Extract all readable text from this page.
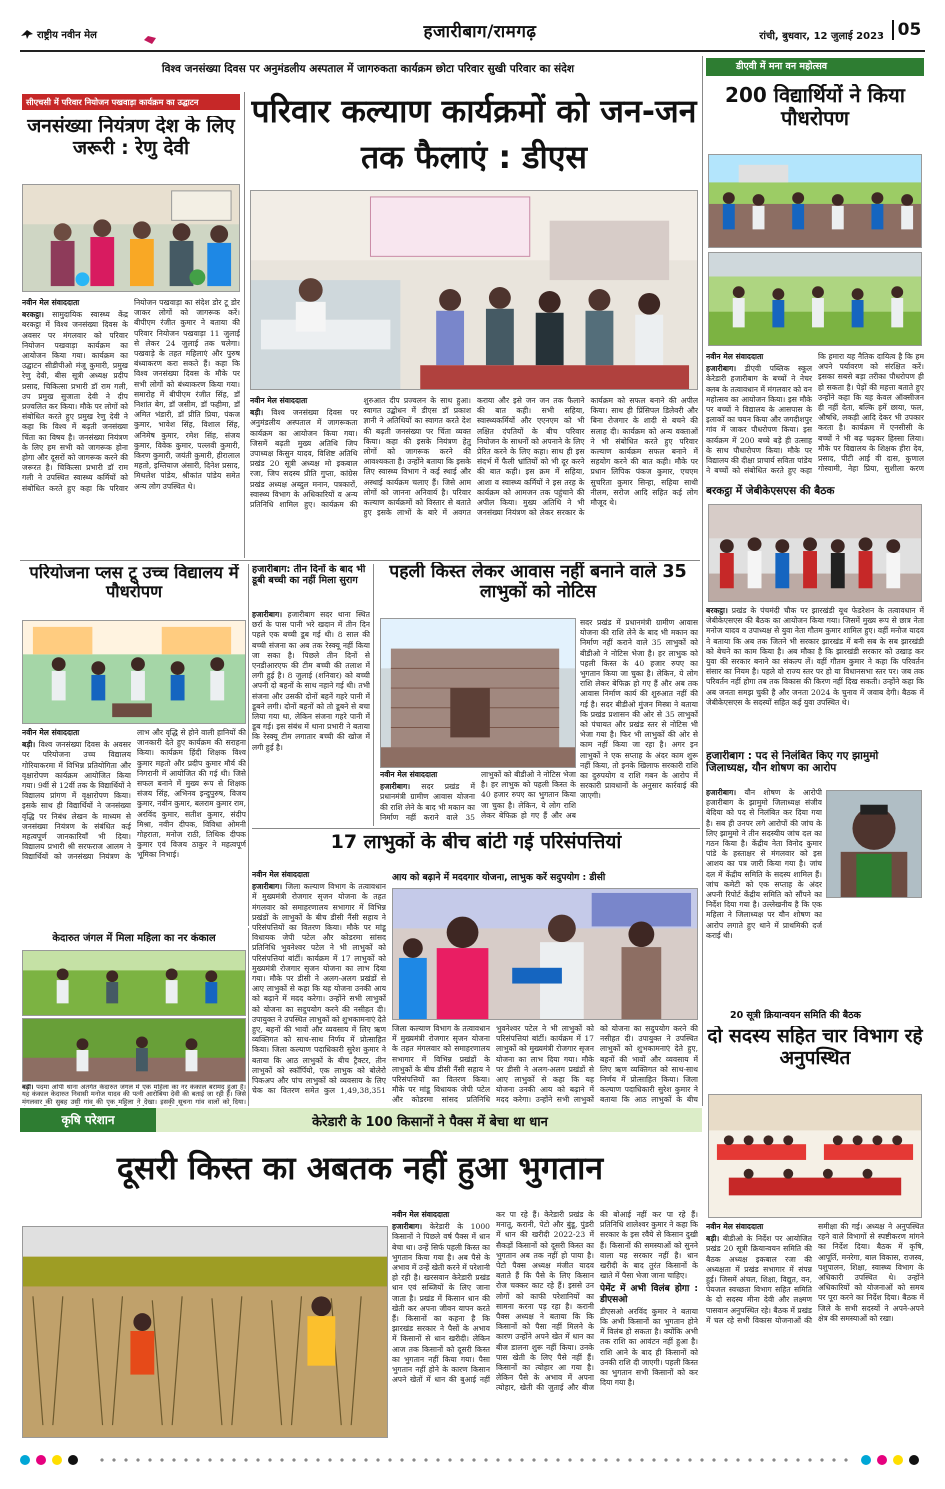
राष्ट्रीय नवीन मेल	हजारीबाग/रामगढ़	रांची, बुधवार, 12 जुलाई 2023 05
विश्व जनसंख्या दिवस पर अनुमंडलीय अस्पताल में जागरुकता कार्यक्रम छोटा परिवार सुखी परिवार का संदेश
सीएचसी में परिवार नियोजन पखवाड़ा कार्यक्रम का उद्घाटन
जनसंख्या नियंत्रण देश के लिए जरूरी : रेणु देवी
नवीन मेल संवाददाता
बरकट्ठा। सामुदायिक स्वास्थ्य केंद्र बरकट्ठा में विश्व जनसंख्या दिवस के अवसर पर मंगलवार को परिवार नियोजन पखवाड़ा कार्यक्रम का आयोजन किया गया। कार्यक्रम का उद्घाटन सीडीपीओ मंजू कुमारी, प्रमुख रेणु देवी, बीस सूत्री अध्यक्ष प्रदीप प्रसाद, चिकित्सा प्रभारी डॉ राम गली, उप प्रमुख सुजाता देवी ने दीप प्रज्वलित कर किया। मौके पर लोगों को संबोधित करते हुए प्रमुख रेणु देवी ने कहा कि विश्व में बढ़ती जनसंख्या चिंता का विषय है। जनसंख्या नियंत्रण के लिए हम सभी को जागरूक होना होगा और दूसरों को जागरूक करने की जरूरत है। चिकित्सा प्रभारी डॉ राम गली ने उपस्थित स्वास्थ्य कर्मियों को संबोधित करते हुए कहा कि परिवार नियोजन पखवाड़ा का संदेश डोर टू डोर जाकर लोगों को जागरूक करें। बीपीएम रंजीत कुमार ने बताया की परिवार नियोजन पखवाड़ा 11 जुलाई से लेकर 24 जुलाई तक चलेगा। पखवाड़े के तहत महिलाएं और पुरुष बंध्याकरण करा सकते हैं। कहा कि विश्व जनसंख्या दिवस के मौके पर सभी लोगों को बंध्याकरण किया गया। समारोह में बीपीएम रंजीत सिंह, डॉ निशांत बेग, डॉ जसीम, डॉ फहीमा, डॉ अमित भंडारी, डॉ प्रीति प्रिया, पंकज कुमार, भावेश सिंह, विशाल सिंह, अनिमेष कुमार, रमेश सिंह, संजय कुमार, विवेक कुमार, पल्लवी कुमारी, किरण कुमारी, जयंती कुमारी, हीरालाल महतो, इम्तियाज अंसारी, दिनेश प्रसाद, मिथलेश पांडेय, श्रीकांत पांडेय समेत अन्य लोग उपस्थित थे।
परिवार कल्याण कार्यक्रमों को जन-जन तक फैलाएं : डीएस
नवीन मेल संवाददाता
बड़ी। विश्व जनसंख्या दिवस पर अनुमंडलीय अस्पताल में जागरूकता कार्यक्रम का आयोजन किया गया। जिसमें बढ़ती मुख्य अतिथि जिप उपाध्यक्ष किसुन यादव, विशिष्ट अतिथि प्रखंड 20 सूत्री अध्यक्ष मो इकबाल रजा, जिप सदस्य प्रीति गुप्ता, कांग्रेस प्रखंड अध्यक्ष अब्दुल मनान, पत्रकारों, स्वास्थ्य विभाग के अधिकारियों व अन्य प्रतिनिधि शामिल हुए। कार्यक्रम की शुरुआत दीप प्रज्वलन के साथ हुआ। स्वागत उद्बोधन में डीएस डॉ प्रकाश ज्ञानी ने अतिथियों का स्वागत करते देश की बढ़ती जनसंख्या पर चिंता व्यक्त किया। कहा की इसके नियंत्रण हेतु लोगों को जागरूक करने की आवश्यकता है। उन्होंने बताया कि इसके लिए स्वास्थ्य विभाग ने कई स्थाई और अस्थाई कार्यक्रम चलाए हैं। जिसे आम लोगों को जानना अनिवार्य है। परिवार कल्याण कार्यक्रमों को विस्तार से बताते हुए इसके लाभों के बारे में अवगत कराया और इसे जन जन तक फैलाने की बात कही। सभी सहिया, स्वास्थ्यकर्मियों और एएनएम को भी लक्षित दंपतियों के बीच परिवार नियोजन के साधनों को अपनाने के लिए प्रेरित करने के लिए कहा। साथ ही इस संदर्भ में फैली भ्रांतियों को भी दूर करने की बात कही। इस क्रम में सहिया, आशा व स्वास्थ्य कर्मियों ने इस तरह के कार्यक्रम को आमजन तक पहुंचाने की अपील किया। मुख्य अतिथि ने भी जनसंख्या नियंत्रण को लेकर सरकार के कार्यक्रम को सफल बनाने की अपील किया। साथ ही प्रिंसिपल डिलेवरी और बिना रोजगार के शादी से बचने की सलाह दी। कार्यक्रम को अन्य वक्ताओं ने भी संबोधित करते हुए परिवार कल्याण कार्यक्रम सफल बनाने में सहयोग करने की बात कही। मौके पर प्रधान लिपिक पंकज कुमार, एचएम सुचरिता कुमार सिन्हा, सहिया साथी नीलम, सरोज आदि सहित कई लोग मौजूद थे।
डीएवी में मना वन महोत्सव
200 विद्यार्थियों ने किया पौधरोपण
नवीन मेल संवाददाता
हजारीबाग। डीएवी पब्लिक स्कूल केरेडारी हजारीबाग के बच्चों ने नेचर क्लब के तत्वावधान में मंगलवार को वन महोत्सव का आयोजन किया। इस मौके पर बच्चों ने विद्यालय के आसपास के इलाकों का चयन किया और जगदीशपुर गांव में जाकर पौधरोपण किया। इस कार्यक्रम में 200 बच्चे बड़े ही उत्साह के साथ पौधारोपण किया। मौके पर विद्यालय की दीक्षा प्राचार्य सविता पांडेय ने बच्चों को संबोधित करते हुए कहा कि हमारा यह नैतिक दायित्व है कि हम अपने पर्यावरण को संरक्षित करें। इसका सबसे बड़ा तरीका पौधरोपण ही हो सकता है। पेड़ों की महत्ता बताते हुए उन्होंने कहा कि यह केवल ऑक्सीजन ही नहीं देता, बल्कि हमें छाया, फल, औषधि, लकड़ी आदि देकर भी उपकार करता है। कार्यक्रम में एनसीसी के बच्चों ने भी बढ़ चढ़कर हिस्सा लिया। मौके पर विद्यालय के शिक्षक हीरा देव, प्रसाद, पीटी आई वी दास, कुणाल गोस्वामी, नेहा प्रिया, सुशीला करण
बरकट्ठा में जेबीकेएसएस की बैठक
बरकट्ठा। प्रखंड के पंचमंदी चौक पर झारखंडी यूथ फेडरेशन के तत्वावधान में जेबीकेएसएस की बैठक का आयोजन किया गया। जिसमें मुख्य रूप से छात्र नेता मनोज यादव व उपाध्यक्ष से युवा नेता गौतम कुमार शामिल हुए। वहीं मनोज यादव ने बताया कि अब तक जितने भी सरकार झारखंड में बनी सब के सब झारखंडी को बेचने का काम किया है। अब मौका है कि झारखंडी सरकार को उखाड़ कर युवा की सरकार बनाने का संकल्प लें। वहीं गौतम कुमार ने कहा कि परिवर्तन संसार का नियम है। पहले वो राज्य स्तर पर हो या विधानसभा स्तर पर। जब तक परिवर्तन नहीं होगा तब तक विकास की किरण नहीं दिख सकती। उन्होंने कहा कि अब जनता समझ चुकी है और जनता 2024 के चुनाव में जवाब देगी। बैठक में जेबीकेएसएस के सदस्यों सहित कई युवा उपस्थित थे।
हजारीबाग : पद से निलंबित किए गए झामुमो जिलाध्यक्ष, यौन शोषण का आरोप
हजारीबाग। यौन शोषण के आरोपी हजारीबाग के झामुमो जिलाध्यक्ष संजीव बेदिया को पद से निलंबित कर दिया गया है। सब ही उनपर लगे आरोपों की जांच के लिए झामुमो ने तीन सदस्यीय जांच दल का गठन किया है। केंद्रीय नेता विनोद कुमार पांडे के हस्ताक्षर से मंगलवार को इस आशय का पत्र जारी किया गया है। जांच दल में केंद्रीय समिति के सदस्य शामिल हैं। जांच कमेटी को एक सप्ताह के अंदर अपनी रिपोर्ट केंद्रीय समिति को सौंपने का निर्देश दिया गया है। उल्लेखनीय है कि एक महिला ने जिलाध्यक्ष पर यौन शोषण का आरोप लगाते हुए थाने में प्राथमिकी दर्ज कराई थी।
20 सूत्री क्रियान्वयन समिति की बैठक
दो सदस्य सहित चार विभाग रहे अनुपस्थित
नवीन मेल संवाददाता
बड़ी। बीडीओ के निर्देश पर आयोजित प्रखंड 20 सूत्री क्रियान्वयन समिति की बैठक अध्यक्ष इकबाल रजा की अध्यक्षता में प्रखंड सभागार में संपन्न हुई। जिसमें अंचल, शिक्षा, विद्युत, वन, पेयजल स्वच्छता विभाग सहित समिति के दो सदस्य मीना देवी और लक्ष्मण पासवान अनुपस्थित रहे। बैठक में प्रखंड में चल रहे सभी विकास योजनाओं की समीक्षा की गई। अध्यक्ष ने अनुपस्थित रहने वाले विभागों से स्पष्टीकरण मांगने का निर्देश दिया। बैठक में कृषि, आपूर्ति, मनरेगा, बाल विकास, राजस्व, पशुपालन, शिक्षा, स्वास्थ्य विभाग के अधिकारी उपस्थित थे। उन्होंने अधिकारियों को योजनाओं को समय पर पूरा करने का निर्देश दिया। बैठक में जिले के सभी सदस्यों ने अपने-अपने क्षेत्र की समस्याओं को रखा।
परियोजना प्लस टू उच्च विद्यालय में पौधरोपण
नवीन मेल संवाददाता
बड़ी। विश्व जनसंख्या दिवस के अवसर पर परियोजना उच्च विद्यालय गोरियाकरमा में विभिन्न प्रतियोगिता और वृक्षारोपण कार्यक्रम आयोजित किया गया। 9वीं से 12वीं तक के विद्यार्थियों ने विद्यालय प्रांगण में वृक्षारोपण किया। इसके साथ ही विद्यार्थियों ने जनसंख्या वृद्धि पर निबंध लेखन के माध्यम से जनसंख्या नियंत्रण के संबंधित कई महत्वपूर्ण जानकारियाँ भी दिया। विद्यालय प्रभारी श्री सरफराज आलम ने विद्यार्थियों को जनसंख्या नियंत्रण के लाभ और वृद्धि से होने वाली हानियों की जानकारी देते हुए कार्यक्रम की सराहना किया। कार्यक्रम हिंदी शिक्षक विश्व कुमार महतो और प्रदीप कुमार मौर्य की निगरानी में आयोजित की गई थी। जिसे सफल बनाने में मुख्य रूप से शिक्षक संजय सिंह, अभिनव इन्दुपुरुष, विजय कुमार, नवीन कुमार, बलराम कुमार राम, अरविंद कुमार, सतीश कुमार, संदीप मिश्रा, नवीन दीपक, विविधा ओमनी गोहराता, मनोज राठी, तिथिक दीपक कुमार एवं विजय ठाकुर ने महत्वपूर्ण भूमिका निभाई।
हजारीबाग: तीन दिनों के बाद भी डूबी बच्ची का नहीं मिला सुराग
हजारीबाग। हजारीबाग सदर थाना स्थित छर्रा के पास पानी भरे खदान में तीन दिन पहले एक बच्ची डूब गई थी। 8 साल की बच्ची संजना का अब तक रेस्क्यू नहीं किया जा सका है। पिछले तीन दिनों से एनडीआरएफ की टीम बच्ची की तलाश में लगी हुई है। 8 जुलाई (शनिवार) को बच्ची अपनी दो बहनों के साथ नहाने गई थी। तभी संजना और उसकी दोनों बहनें गहरे पानी में डूबने लगी। दोनों बहनों को तो डूबने से बचा लिया गया था, लेकिन संजना गहरे पानी में डूब गई। इस संबंध में थाना प्रभारी ने बताया कि रेस्क्यू टीम लगातार बच्ची की खोज में लगी हुई है।
पहली किस्त लेकर आवास नहीं बनाने वाले 35 लाभुकों को नोटिस
नवीन मेल संवाददाता
हजारीबाग। सदर प्रखंड में प्रधानमंत्री ग्रामीण आवास योजना की राशि लेने के बाद भी मकान का निर्माण नहीं कराने वाले 35 लाभुकों को बीडीओ ने नोटिस भेजा है। हर लाभुक को पहली किस्त के 40 हजार रुपए का भुगतान किया जा चुका है। लेकिन, ये लोग राशि लेकर बेफिक्र हो गए हैं और अब
सदर प्रखंड में प्रधानमंत्री ग्रामीण आवास योजना की राशि लेने के बाद भी मकान का निर्माण नहीं कराने वाले 35 लाभुकों को बीडीओ ने नोटिस भेजा है। हर लाभुक को पहली किस्त के 40 हजार रुपए का भुगतान किया जा चुका है। लेकिन, ये लोग राशि लेकर बेफिक्र हो गए हैं और अब तक आवास निर्माण कार्य की शुरुआत नहीं की गई है। सदर बीडीओ मुंजन मिस्त्रा ने बताया कि प्रखंड प्रशासन की ओर से 35 लाभुकों को पंचायत और प्रखंड स्तर से नोटिस भी भेजा गया है। फिर भी लाभुकों की ओर से काम नहीं किया जा रहा है। अगर इन लाभुकों ने एक सप्ताह के अंदर काम शुरू नहीं किया, तो इनके खिलाफ सरकारी राशि का दुरुपयोग व राशि गबन के आरोप में सरकारी प्रावधानों के अनुसार कार्रवाई की जाएगी।
केदारुत जंगल में मिला महिला का नर कंकाल
बड़ी। पदमा ओपी थाना अंतर्गत केदारुत जंगल में एक महिला का नर कंकाल बरामद हुआ है। यह कंकाल केदारुत निवासी मनोज यादव की पत्नी आरोबिया देवी की बताई जा रही है। जिसे मंगलवार की सुबह उसी गांव की एक महिला ने देखा। इसकी सूचना गांव वालों को दिया।
17 लाभुकों के बीच बांटी गई परिसंपत्तियां
आय को बढ़ाने में मददगार योजना, लाभुक करें सदुपयोग : डीसी
नवीन मेल संवाददाता
हजारीबाग। जिला कल्याण विभाग के तत्वावधान में मुख्यमंत्री रोजगार सृजन योजना के तहत मंगलवार को समाहरणालय सभागार में विभिन्न प्रखंडों के लाभुकों के बीच डीसी नैंसी सहाय ने परिसंपत्तियों का वितरण किया। मौके पर मांडू विधायक जेपी पटेल और कोडरमा सांसद प्रतिनिधि भुवनेश्वर पटेल ने भी लाभुकों को परिसंपत्तियां बांटीं। कार्यक्रम में 17 लाभुकों को मुख्यमंत्री रोजगार सृजन योजना का लाभ दिया गया। मौके पर डीसी ने अलग-अलग प्रखंडों से आए लाभुकों से कहा कि यह योजना उनकी आय को बढ़ाने में मदद करेगा। उन्होंने सभी लाभुकों को योजना का सदुपयोग करने की नसीहत दी। उपायुक्त ने उपस्थित लाभुकों को शुभकामनाएं देते हुए, बहनों की भावों और व्यवसाय में लिए ऋण व्यक्तिगत को साथ-साथ निर्णय में प्रोत्साहित किया। जिला कल्याण पदाधिकारी सुरेश कुमार ने बताया कि आठ लाभुकों के बीच ट्रैक्टर, तीन लाभुकों को स्कॉर्पियो, एक लाभुक को बोलेरो पिकअप और पांच लाभुकों को व्यवसाय के लिए चेक का वितरण समेत कुल 1,49,38,351
जिला कल्याण विभाग के तत्वावधान में मुख्यमंत्री रोजगार सृजन योजना के तहत मंगलवार को समाहरणालय सभागार में विभिन्न प्रखंडों के लाभुकों के बीच डीसी नैंसी सहाय ने परिसंपत्तियों का वितरण किया। मौके पर मांडू विधायक जेपी पटेल और कोडरमा सांसद प्रतिनिधि भुवनेश्वर पटेल ने भी लाभुकों को परिसंपत्तियां बांटीं। कार्यक्रम में 17 लाभुकों को मुख्यमंत्री रोजगार सृजन योजना का लाभ दिया गया। मौके पर डीसी ने अलग-अलग प्रखंडों से आए लाभुकों से कहा कि यह योजना उनकी आय को बढ़ाने में मदद करेगा। उन्होंने सभी लाभुकों को योजना का सदुपयोग करने की नसीहत दी। उपायुक्त ने उपस्थित लाभुकों को शुभकामनाएं देते हुए, बहनों की भावों और व्यवसाय में लिए ऋण व्यक्तिगत को साथ-साथ निर्णय में प्रोत्साहित किया। जिला कल्याण पदाधिकारी सुरेश कुमार ने बताया कि आठ लाभुकों के बीच
कृषि परेशान	केरेडारी के 100 किसानों ने पैक्स में बेचा था धान
दूसरी किस्त का अबतक नहीं हुआ भुगतान
नवीन मेल संवाददाता
हजारीबाग। केरेडारी के 1000 किसानों ने पिछले वर्ष पैक्स में धान बेचा था। उन्हें सिर्फ पहली किस्त का भुगतान किया गया है। अब पैसे के अभाव में उन्हें खेती करने में परेशानी हो रही है। खरसवान केरेडारी प्रखंड धान एवं सब्जियों के लिए जाना जाता है। प्रखंड में किसान धान की खेती कर अपना जीवन यापन करते हैं। किसानों का कहना है कि झारखंड सरकार ने पैसों के अभाव में किसानों से धान खरीदी। लेकिन आज तक किसानों को दूसरी किस्त का भुगतान नहीं किया गया। पैसा भुगतान नहीं होने के कारण किसान अपने खेतों में धान की बुआई नहीं कर पा रहे हैं। केरेडारी प्रखंड के मनातू, करानी, पेटो और बुंडू, पुंडरी में धान की खरीदी 2022-23 में सैकड़ों किसानों को दूसरी किस्त का भुगतान अब तक नहीं हो पाया है। पेटो पैक्स अध्यक्ष मंजीत यादव बताते हैं कि पैसे के लिए किसान रोज चक्कर काट रहे हैं। इससे उन लोगों को काफी परेशानियों का सामना करना पड़ रहा है। करानी पैक्स अध्यक्ष ने बताया कि कि किसानों को पैसा नहीं मिलने के कारण उन्होंने अपने खेत में धान का बीज डालना शुरू नहीं किया। उनके पास खेती के लिए पैसे नहीं हैं। किसानों का त्योहार आ गया है। लेकिन पैसे के अभाव में अपना त्योहार, खेती की जुताई और बीज की बोआई नहीं कर पा रहे हैं। प्रतिनिधि शालेश्वर कुमार ने कहा कि सरकार के इस रवैये से किसान दुखी हैं। किसानों की समस्याओं को सुनने वाला यह सरकार नहीं है। धान खरीदी के बाद तुरंत किसानों के खाते में पैसा भेजा जाना चाहिए।
पेमेंट में अभी विलंब होगा : डीएसओ
डीएसओ अरविंद कुमार ने बताया कि अभी किसानों का भुगतान होने में विलंब हो सकता है। क्योंकि अभी तक राशि का आवंटन नहीं हुआ है। राशि आने के बाद ही किसानों को उनकी राशि दी जाएगी। पहली किस्त का भुगतान सभी किसानों को कर दिया गया है।
